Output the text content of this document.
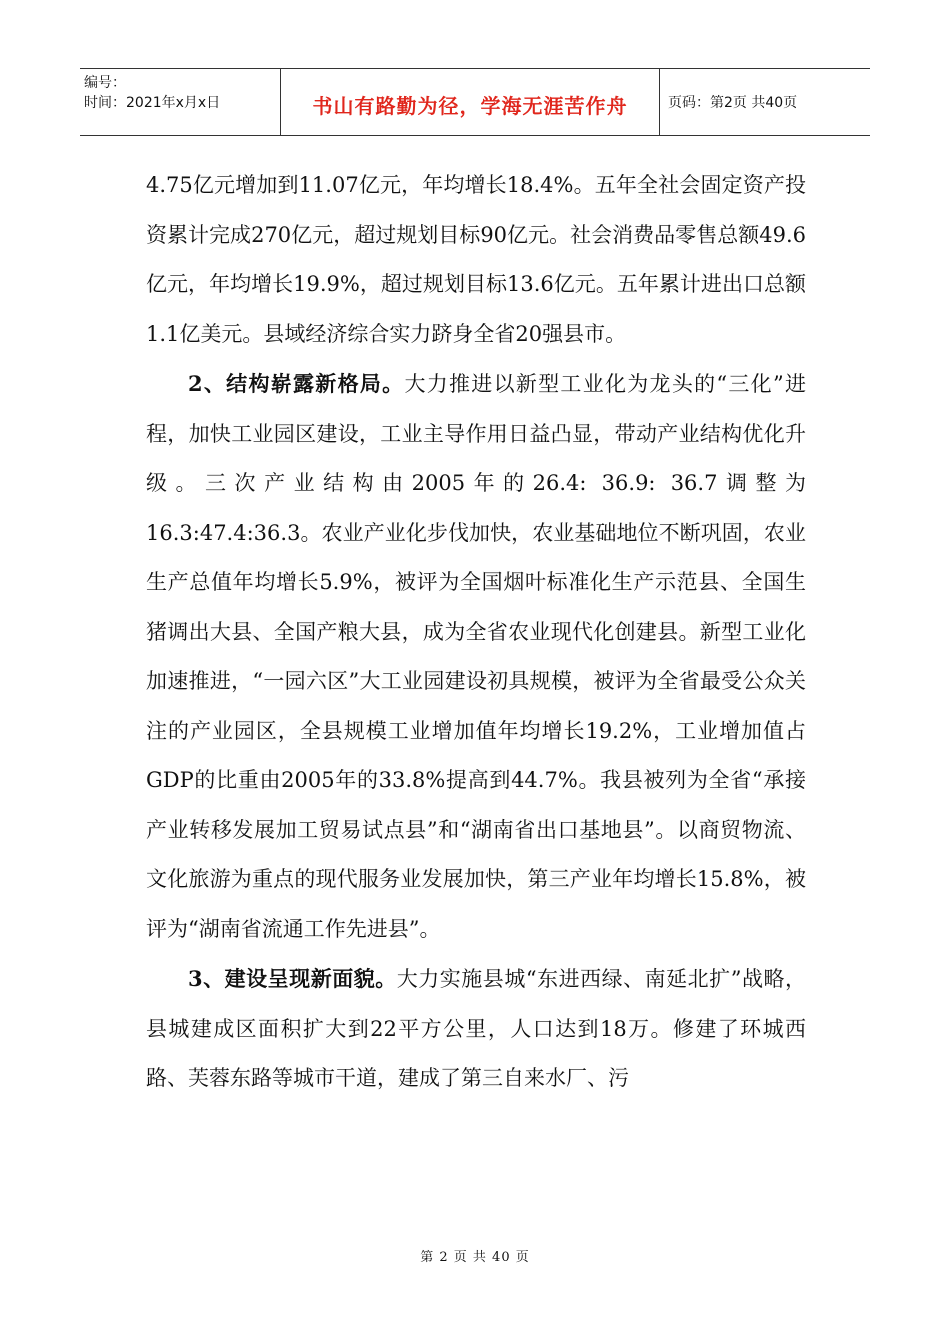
编号：
时间：2021年x月x日	书山有路勤为径，学海无涯苦作舟	页码：第2页 共40页

4.75亿元增加到11.07亿元，年均增长18.4%。五年全社会固定资产投资累计完成270亿元，超过规划目标90亿元。社会消费品零售总额49.6亿元，年均增长19.9%，超过规划目标13.6亿元。五年累计进出口总额1.1亿美元。县域经济综合实力跻身全省20强县市。

2、结构崭露新格局。大力推进以新型工业化为龙头的“三化”进程，加快工业园区建设，工业主导作用日益凸显，带动产业结构优化升级。三次产业结构由2005年的26.4: 36.9: 36.7调整为16.3:47.4:36.3。农业产业化步伐加快，农业基础地位不断巩固，农业生产总值年均增长5.9%，被评为全国烟叶标准化生产示范县、全国生猪调出大县、全国产粮大县，成为全省农业现代化创建县。新型工业化加速推进，“一园六区”大工业园建设初具规模，被评为全省最受公众关注的产业园区，全县规模工业增加值年均增长19.2%，工业增加值占GDP的比重由2005年的33.8%提高到44.7%。我县被列为全省“承接产业转移发展加工贸易试点县”和“湖南省出口基地县”。以商贸物流、文化旅游为重点的现代服务业发展加快，第三产业年均增长15.8%，被评为“湖南省流通工作先进县”。

3、建设呈现新面貌。大力实施县城“东进西绿、南延北扩”战略，县城建成区面积扩大到22平方公里，人口达到18万。修建了环城西路、芙蓉东路等城市干道，建成了第三自来水厂、污

第 2 页 共 40 页
